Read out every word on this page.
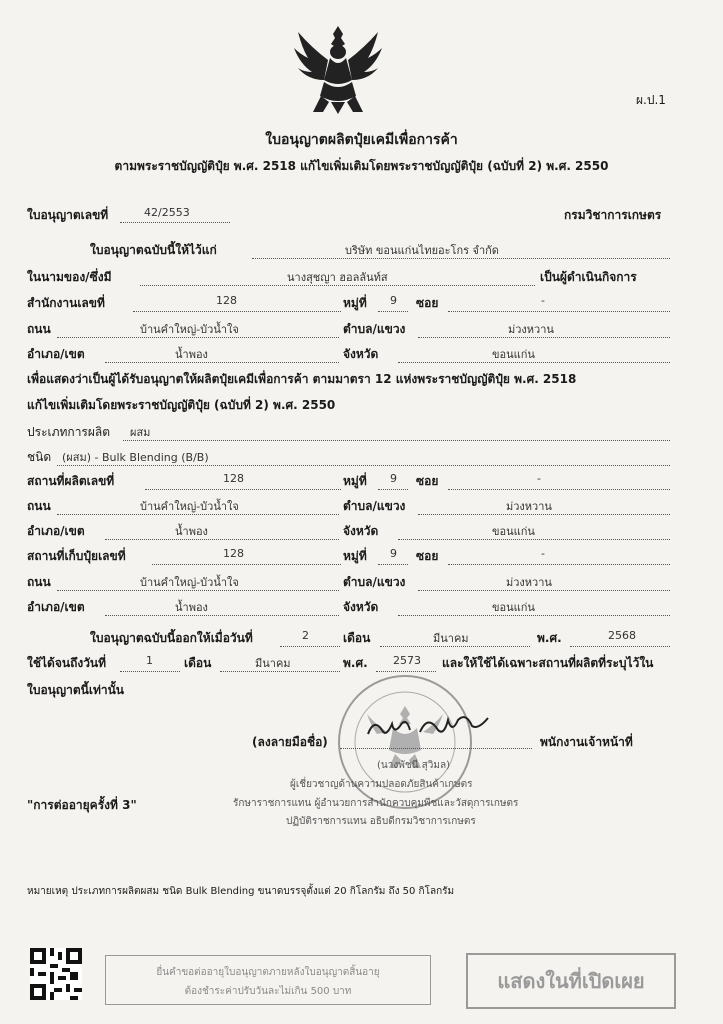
ผ.ป.1
ใบอนุญาตผลิตปุ๋ยเคมีเพื่อการค้า
ตามพระราชบัญญัติปุ๋ย พ.ศ. 2518 แก้ไขเพิ่มเติมโดยพระราชบัญญัติปุ๋ย (ฉบับที่ 2) พ.ศ. 2550
ใบอนุญาตเลขที่	42/2553	กรมวิชาการเกษตร
ใบอนุญาตฉบับนี้ให้ไว้แก่	บริษัท ขอนแก่นไทยอะโกร จำกัด
ในนามของ/ซึ่งมี	นางสุชญา ฮอลลันท์ส	เป็นผู้ดำเนินกิจการ
สำนักงานเลขที่	128	หมู่ที่ 9 ซอย	-
ถนน	บ้านคำใหญ่-บัวน้ำใจ	ตำบล/แขวง	ม่วงหวาน
อำเภอ/เขต	น้ำพอง	จังหวัด	ขอนแก่น
เพื่อแสดงว่าเป็นผู้ได้รับอนุญาตให้ผลิตปุ๋ยเคมีเพื่อการค้า ตามมาตรา 12 แห่งพระราชบัญญัติปุ๋ย พ.ศ. 2518
แก้ไขเพิ่มเติมโดยพระราชบัญญัติปุ๋ย (ฉบับที่ 2) พ.ศ. 2550
ประเภทการผลิต ผสม
ชนิด (ผสม) - Bulk Blending (B/B)
สถานที่ผลิตเลขที่	128	หมู่ที่ 9 ซอย	-
ถนน	บ้านคำใหญ่-บัวน้ำใจ	ตำบล/แขวง	ม่วงหวาน
อำเภอ/เขต	น้ำพอง	จังหวัด	ขอนแก่น
สถานที่เก็บปุ๋ยเลขที่	128	หมู่ที่ 9 ซอย	-
ถนน	บ้านคำใหญ่-บัวน้ำใจ	ตำบล/แขวง	ม่วงหวาน
อำเภอ/เขต	น้ำพอง	จังหวัด	ขอนแก่น
ใบอนุญาตฉบับนี้ออกให้เมื่อวันที่	2	เดือน	มีนาคม	พ.ศ.	2568
ใช้ได้จนถึงวันที่	1	เดือน	มีนาคม	พ.ศ. 2573 และให้ใช้ได้เฉพาะสถานที่ผลิตที่ระบุไว้ใน
ใบอนุญาตนี้เท่านั้น
(ลงลายมือชื่อ)	พนักงานเจ้าหน้าที่
(นางพัชนี สุวิมล)
ผู้เชี่ยวชาญด้านความปลอดภัยสินค้าเกษตร
รักษาราชการแทน ผู้อำนวยการสำนักควบคุมพืชและวัสดุการเกษตร
ปฏิบัติราชการแทน อธิบดีกรมวิชาการเกษตร
"การต่ออายุครั้งที่ 3"
หมายเหตุ ประเภทการผลิตผสม ชนิด Bulk Blending ขนาดบรรจุตั้งแต่ 20 กิโลกรัม ถึง 50 กิโลกรัม
ยื่นคำขอต่ออายุใบอนุญาตภายหลังใบอนุญาตสิ้นอายุ
ต้องชำระค่าปรับวันละไม่เกิน 500 บาท	แสดงในที่เปิดเผย
